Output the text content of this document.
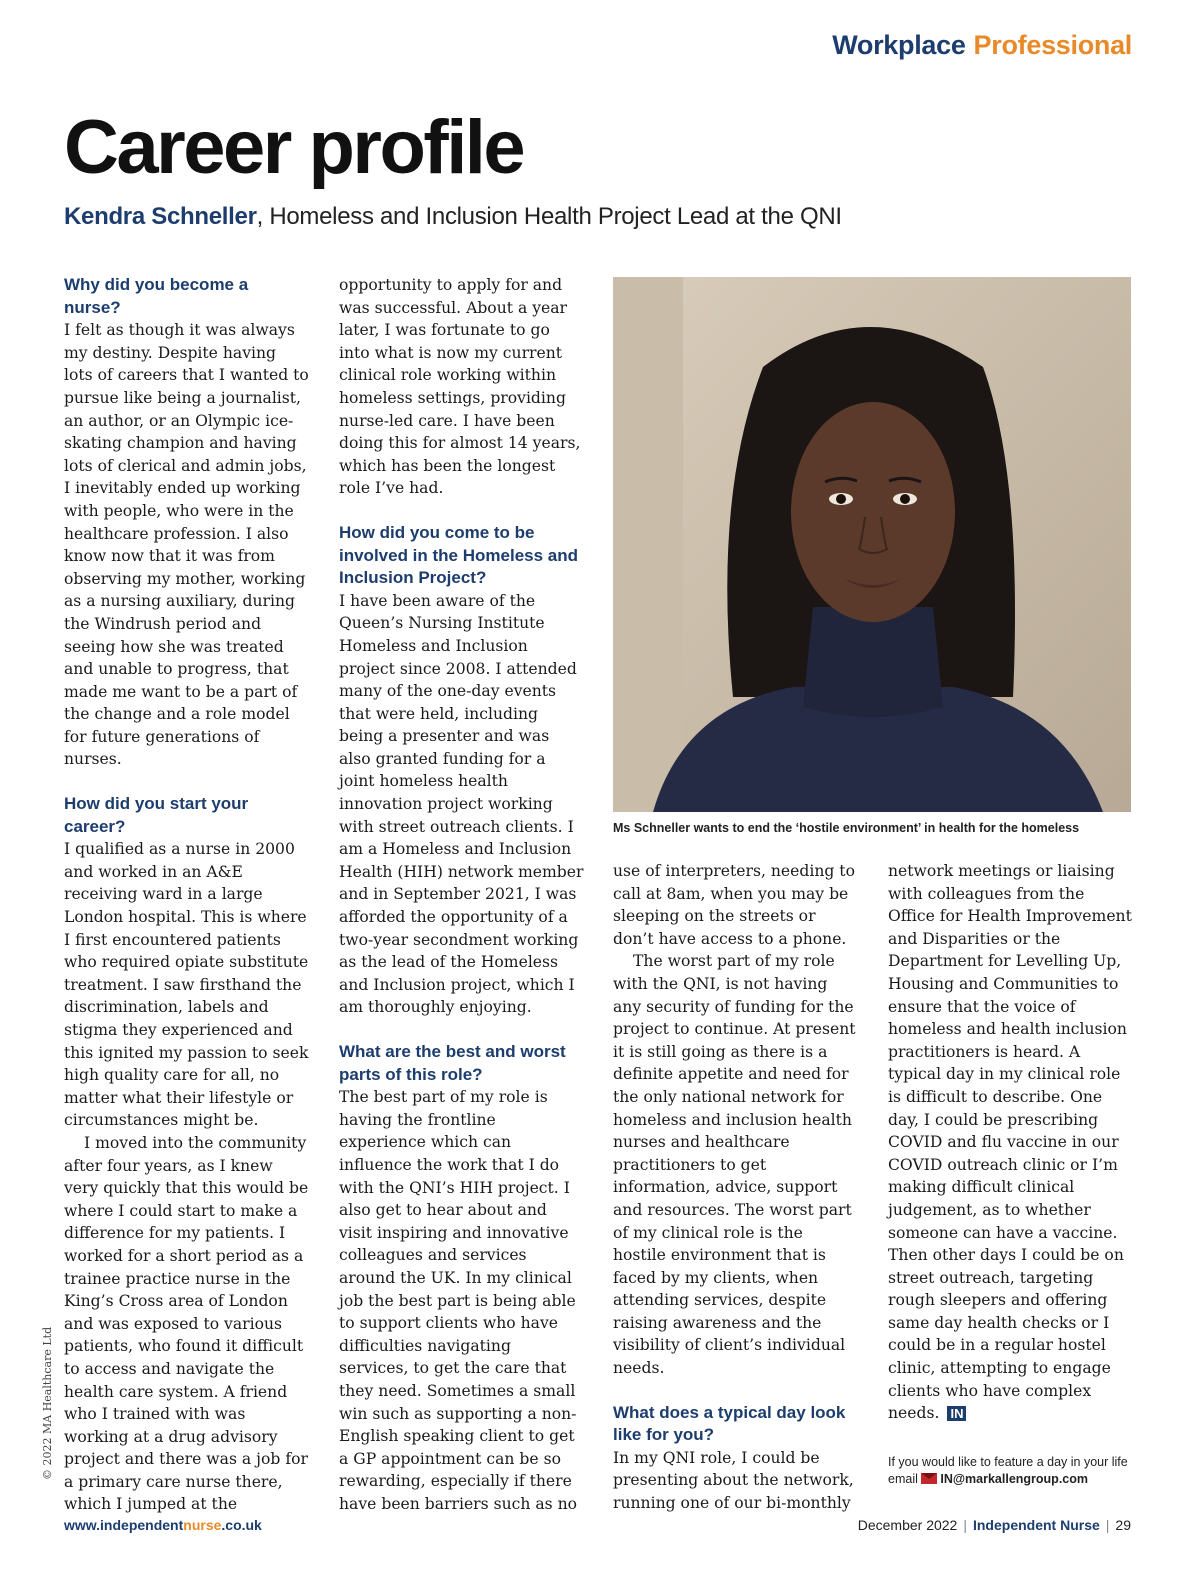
Workplace Professional
Career profile
Kendra Schneller, Homeless and Inclusion Health Project Lead at the QNI
Why did you become a nurse?

I felt as though it was always my destiny. Despite having lots of careers that I wanted to pursue like being a journalist, an author, or an Olympic ice-skating champion and having lots of clerical and admin jobs, I inevitably ended up working with people, who were in the healthcare profession. I also know now that it was from observing my mother, working as a nursing auxiliary, during the Windrush period and seeing how she was treated and unable to progress, that made me want to be a part of the change and a role model for future generations of nurses.

How did you start your career?

I qualified as a nurse in 2000 and worked in an A&E receiving ward in a large London hospital. This is where I first encountered patients who required opiate substitute treatment. I saw firsthand the discrimination, labels and stigma they experienced and this ignited my passion to seek high quality care for all, no matter what their lifestyle or circumstances might be.

I moved into the community after four years, as I knew very quickly that this would be where I could start to make a difference for my patients. I worked for a short period as a trainee practice nurse in the King’s Cross area of London and was exposed to various patients, who found it difficult to access and navigate the health care system. A friend who I trained with was working at a drug advisory project and there was a job for a primary care nurse there, which I jumped at the

opportunity to apply for and was successful. About a year later, I was fortunate to go into what is now my current clinical role working within homeless settings, providing nurse-led care. I have been doing this for almost 14 years, which has been the longest role I’ve had.

How did you come to be involved in the Homeless and Inclusion Project?

I have been aware of the Queen’s Nursing Institute Homeless and Inclusion project since 2008. I attended many of the one-day events that were held, including being a presenter and was also granted funding for a joint homeless health innovation project working with street outreach clients. I am a Homeless and Inclusion Health (HIH) network member and in September 2021, I was afforded the opportunity of a two-year secondment working as the lead of the Homeless and Inclusion project, which I am thoroughly enjoying.

What are the best and worst parts of this role?

The best part of my role is having the frontline experience which can influence the work that I do with the QNI’s HIH project. I also get to hear about and visit inspiring and innovative colleagues and services around the UK. In my clinical job the best part is being able to support clients who have difficulties navigating services, to get the care that they need. Sometimes a small win such as supporting a non-English speaking client to get a GP appointment can be so rewarding, especially if there have been barriers such as no

Ms Schneller wants to end the ‘hostile environment’ in health for the homeless

use of interpreters, needing to call at 8am, when you may be sleeping on the streets or don’t have access to a phone.

The worst part of my role with the QNI, is not having any security of funding for the project to continue. At present it is still going as there is a definite appetite and need for the only national network for homeless and inclusion health nurses and healthcare practitioners to get information, advice, support and resources. The worst part of my clinical role is the hostile environment that is faced by my clients, when attending services, despite raising awareness and the visibility of client’s individual needs.

What does a typical day look like for you?

In my QNI role, I could be presenting about the network, running one of our bi-monthly

network meetings or liaising with colleagues from the Office for Health Improvement and Disparities or the Department for Levelling Up, Housing and Communities to ensure that the voice of homeless and health inclusion practitioners is heard. A typical day in my clinical role is difficult to describe. One day, I could be prescribing COVID and flu vaccine in our COVID outreach clinic or I’m making difficult clinical judgement, as to whether someone can have a vaccine. Then other days I could be on street outreach, targeting rough sleepers and offering same day health checks or I could be in a regular hostel clinic, attempting to engage clients who have complex needs. IN

If you would like to feature a day in your life
email IN@markallengroup.com
© 2022 MA Healthcare Ltd
www.independentnurse.co.uk	December 2022 | Independent Nurse | 29
